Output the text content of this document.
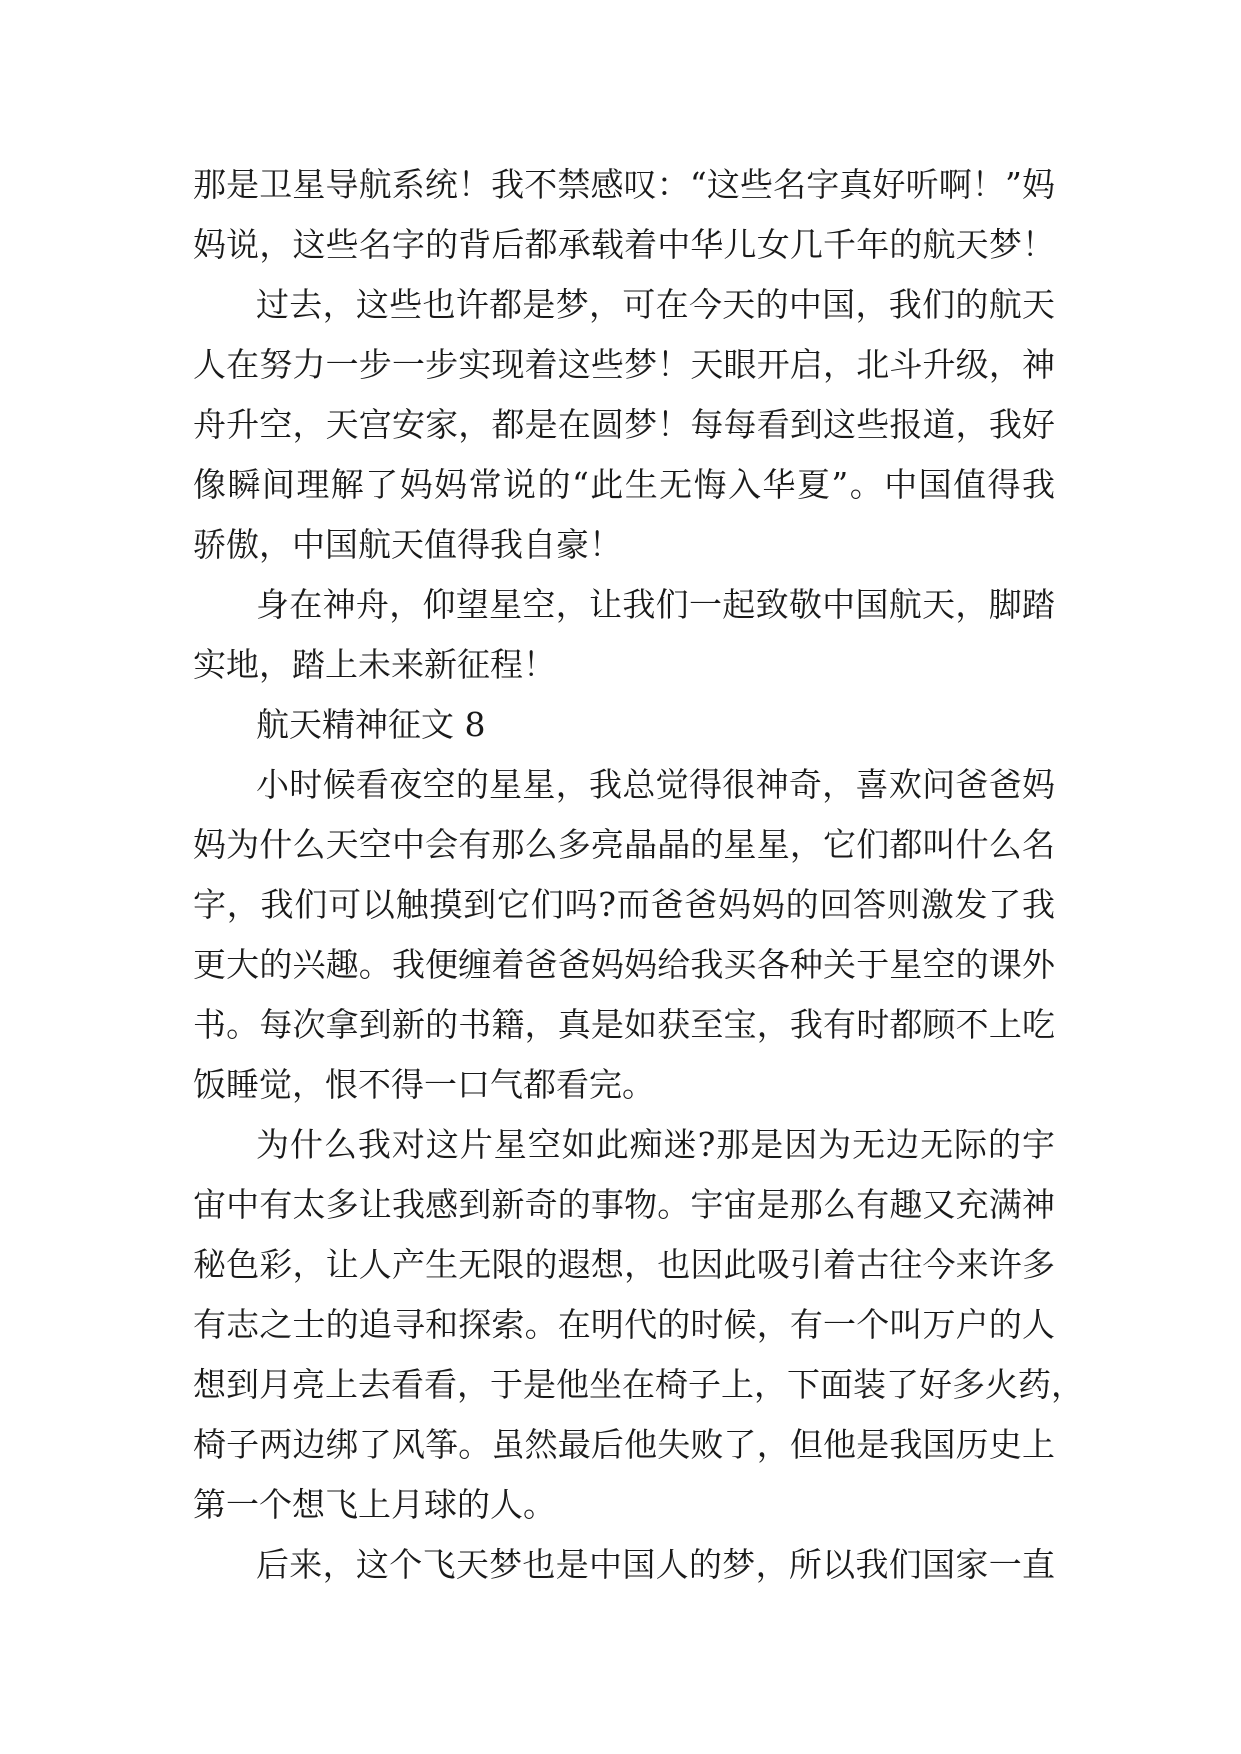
那是卫星导航系统！我不禁感叹：“这些名字真好听啊！”妈
妈说，这些名字的背后都承载着中华儿女几千年的航天梦！
过去，这些也许都是梦，可在今天的中国，我们的航天
人在努力一步一步实现着这些梦！天眼开启，北斗升级，神
舟升空，天宫安家，都是在圆梦！每每看到这些报道，我好
像瞬间理解了妈妈常说的“此生无悔入华夏”。中国值得我
骄傲，中国航天值得我自豪！
身在神舟，仰望星空，让我们一起致敬中国航天，脚踏
实地，踏上未来新征程！
航天精神征文 8
小时候看夜空的星星，我总觉得很神奇，喜欢问爸爸妈
妈为什么天空中会有那么多亮晶晶的星星，它们都叫什么名
字，我们可以触摸到它们吗?而爸爸妈妈的回答则激发了我
更大的兴趣。我便缠着爸爸妈妈给我买各种关于星空的课外
书。每次拿到新的书籍，真是如获至宝，我有时都顾不上吃
饭睡觉，恨不得一口气都看完。
为什么我对这片星空如此痴迷?那是因为无边无际的宇
宙中有太多让我感到新奇的事物。宇宙是那么有趣又充满神
秘色彩，让人产生无限的遐想，也因此吸引着古往今来许多
有志之士的追寻和探索。在明代的时候，有一个叫万户的人
想到月亮上去看看，于是他坐在椅子上，下面装了好多火药，
椅子两边绑了风筝。虽然最后他失败了，但他是我国历史上
第一个想飞上月球的人。
后来，这个飞天梦也是中国人的梦，所以我们国家一直
